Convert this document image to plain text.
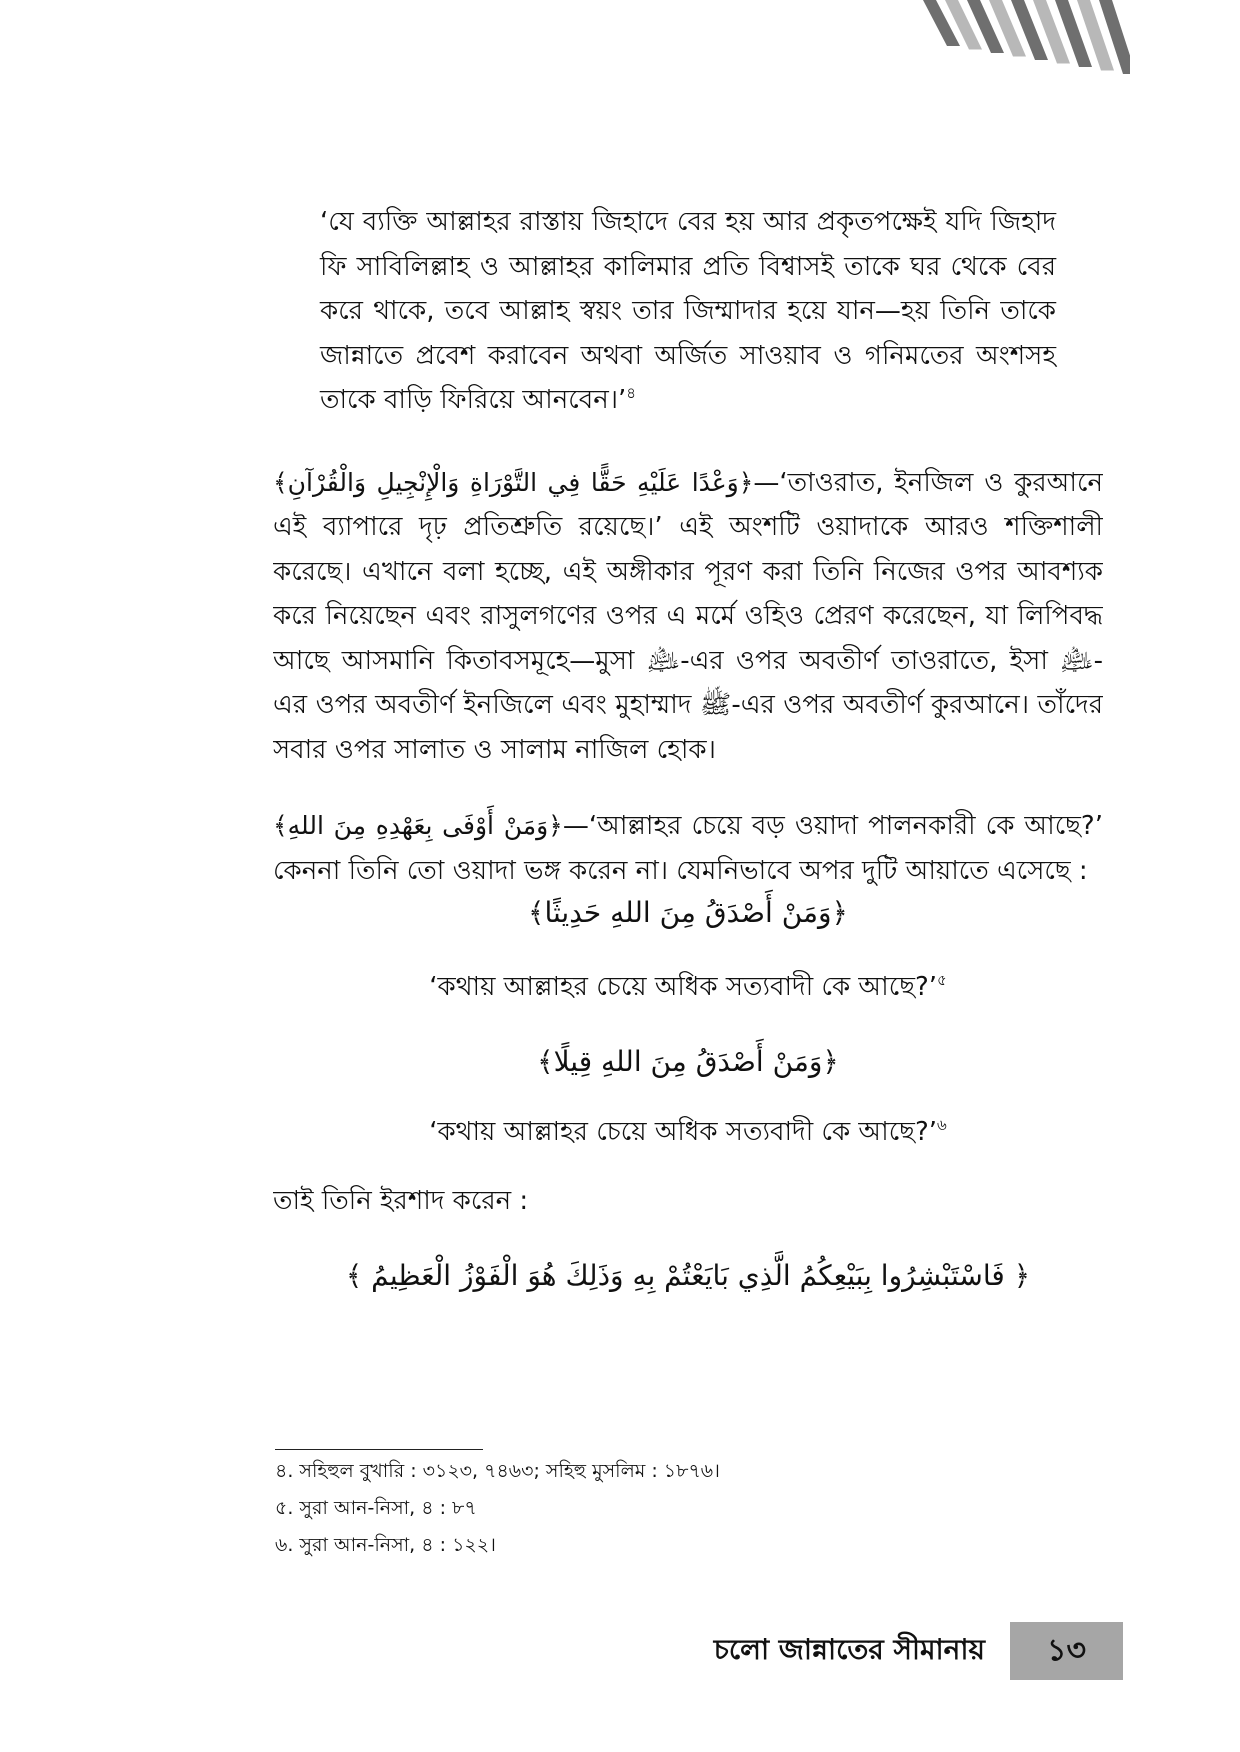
‘যে ব্যক্তি আল্লাহর রাস্তায় জিহাদে বের হয় আর প্রকৃতপক্ষেই যদি জিহাদ ফি সাবিলিল্লাহ ও আল্লাহর কালিমার প্রতি বিশ্বাসই তাকে ঘর থেকে বের করে থাকে, তবে আল্লাহ স্বয়ং তার জিম্মাদার হয়ে যান—হয় তিনি তাকে জান্নাতে প্রবেশ করাবেন অথবা অর্জিত সাওয়াব ও গনিমতের অংশসহ তাকে বাড়ি ফিরিয়ে আনবেন।’$^৪$

﴿وَعْدًا عَلَيْهِ حَقًّا فِي التَّوْرَاةِ وَالْإِنْجِيلِ وَالْقُرْآنِ﴾—‘তাওরাত, ইনজিল ও কুরআনে এই ব্যাপারে দৃঢ় প্রতিশ্রুতি রয়েছে।’ এই অংশটি ওয়াদাকে আরও শক্তিশালী করেছে। এখানে বলা হচ্ছে, এই অঙ্গীকার পূরণ করা তিনি নিজের ওপর আবশ্যক করে নিয়েছেন এবং রাসুলগণের ওপর এ মর্মে ওহিও প্রেরণ করেছেন, যা লিপিবদ্ধ আছে আসমানি কিতাবসমূহে—মুসা ﵇-এর ওপর অবতীর্ণ তাওরাতে, ইসা ﵇-এর ওপর অবতীর্ণ ইনজিলে এবং মুহাম্মাদ ﷺ-এর ওপর অবতীর্ণ কুরআনে। তাঁদের সবার ওপর সালাত ও সালাম নাজিল হোক।

﴿وَمَنْ أَوْفَى بِعَهْدِهِ مِنَ اللهِ﴾—‘আল্লাহর চেয়ে বড় ওয়াদা পালনকারী কে আছে?’ কেননা তিনি তো ওয়াদা ভঙ্গ করেন না। যেমনিভাবে অপর দুটি আয়াতে এসেছে :

﴿وَمَنْ أَصْدَقُ مِنَ اللهِ حَدِيثًا﴾

‘কথায় আল্লাহর চেয়ে অধিক সত্যবাদী কে আছে?’$^৫$

﴿وَمَنْ أَصْدَقُ مِنَ اللهِ قِيلًا﴾

‘কথায় আল্লাহর চেয়ে অধিক সত্যবাদী কে আছে?’$^৬$

তাই তিনি ইরশাদ করেন :

﴿ فَاسْتَبْشِرُوا بِبَيْعِكُمُ الَّذِي بَايَعْتُمْ بِهِ وَذَلِكَ هُوَ الْفَوْزُ الْعَظِيمُ ﴾

৪. সহিহুল বুখারি : ৩১২৩, ৭৪৬৩; সহিহু মুসলিম : ১৮৭৬।
৫. সুরা আন-নিসা, ৪ : ৮৭
৬. সুরা আন-নিসা, ৪ : ১২২।
চলো জান্নাতের সীমানায় ১৩
